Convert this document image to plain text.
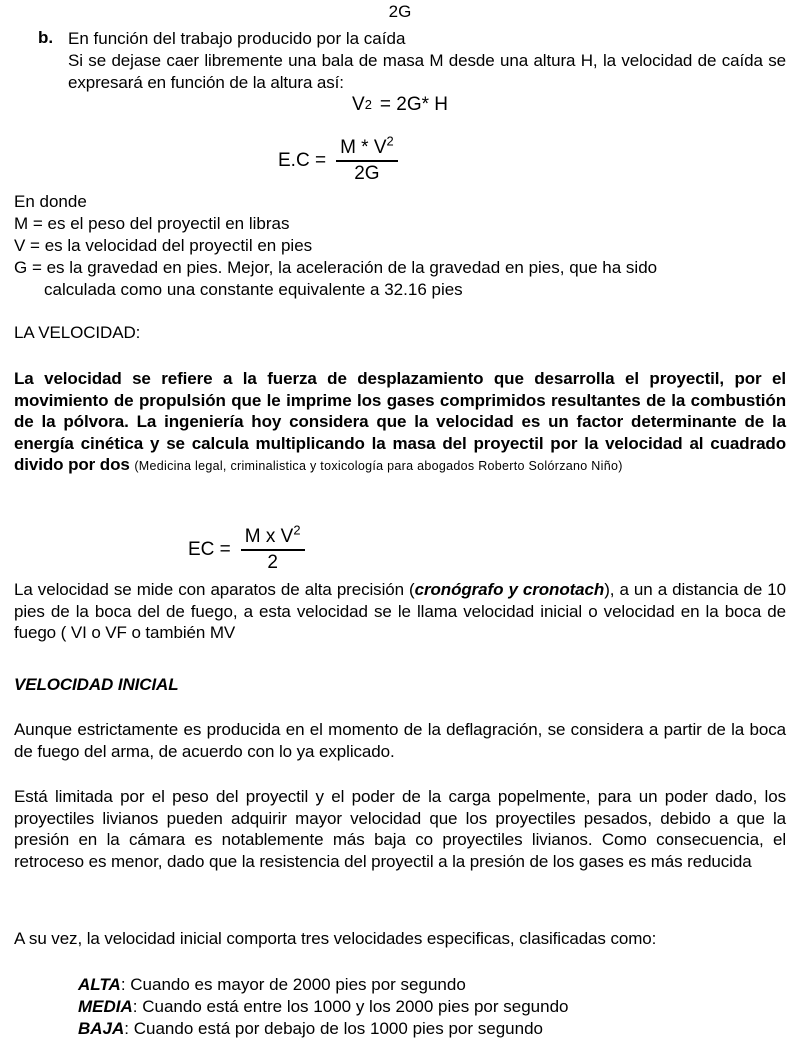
2G
b. En función del trabajo producido por la caída
Si se dejase caer libremente una bala de masa M desde una altura H, la velocidad de caída se expresará en función de la altura así:
V 2 = 2G* H
$E.C = \frac{M * V^2}{2G}$
En donde
M = es el peso del proyectil en libras
V = es la velocidad del proyectil en pies
G = es la gravedad en pies. Mejor, la aceleración de la gravedad en pies, que ha sido
calculada como una constante equivalente a 32.16 pies
LA VELOCIDAD:
La velocidad se refiere a la fuerza de desplazamiento que desarrolla el proyectil, por el movimiento de propulsión que le imprime los gases comprimidos resultantes de la combustión de la pólvora. La ingeniería hoy considera que la velocidad es un factor determinante de la energía cinética y se calcula multiplicando la masa del proyectil por la velocidad al cuadrado divido por dos (Medicina legal, criminalistica y toxicología para abogados Roberto Solórzano Niño)
EC = $\frac{M x V^2}{2}$
La velocidad se mide con aparatos de alta precisión (cronógrafo y cronotach), a un a distancia de 10 pies de la boca del de fuego, a esta velocidad se le llama velocidad inicial o velocidad en la boca de fuego ( VI o VF o también MV
VELOCIDAD INICIAL
Aunque estrictamente es producida en el momento de la deflagración, se considera a partir de la boca de fuego del arma, de acuerdo con lo ya explicado.
Está limitada por el peso del proyectil y el poder de la carga popelmente, para un poder dado, los proyectiles livianos pueden adquirir mayor velocidad que los proyectiles pesados, debido a que la presión en la cámara es notablemente más baja co proyectiles livianos. Como consecuencia, el retroceso es menor, dado que la resistencia del proyectil a la presión de los gases es más reducida
A su vez, la velocidad inicial comporta tres velocidades especificas, clasificadas como:
ALTA: Cuando es mayor de 2000 pies por segundo
MEDIA: Cuando está entre los 1000 y los 2000 pies por segundo
BAJA: Cuando está por debajo de los 1000 pies por segundo
